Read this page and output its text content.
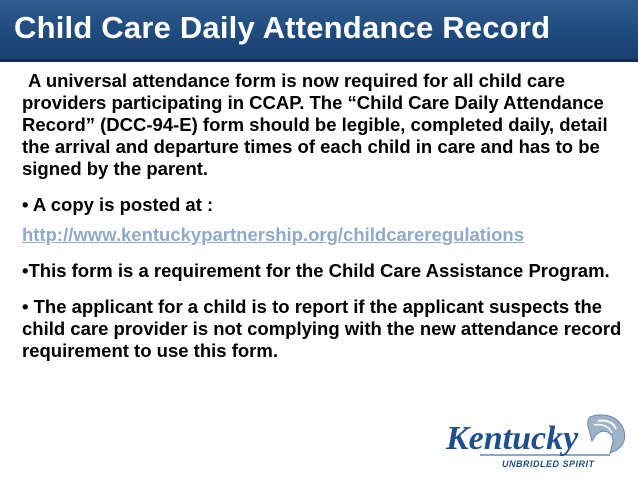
Child Care Daily Attendance Record

A universal attendance form is now required for all child care providers participating in CCAP. The “Child Care Daily Attendance Record” (DCC-94-E) form should be legible, completed daily, detail the arrival and departure times of each child in care and has to be signed by the parent.

• A copy is posted at :

http://www.kentuckypartnership.org/childcareregulations

•This form is a requirement for the Child Care Assistance Program.

• The applicant for a child is to report if the applicant suspects the child care provider is not complying with the new attendance record requirement to use this form.

Kentucky
UNBRIDLED SPIRIT
